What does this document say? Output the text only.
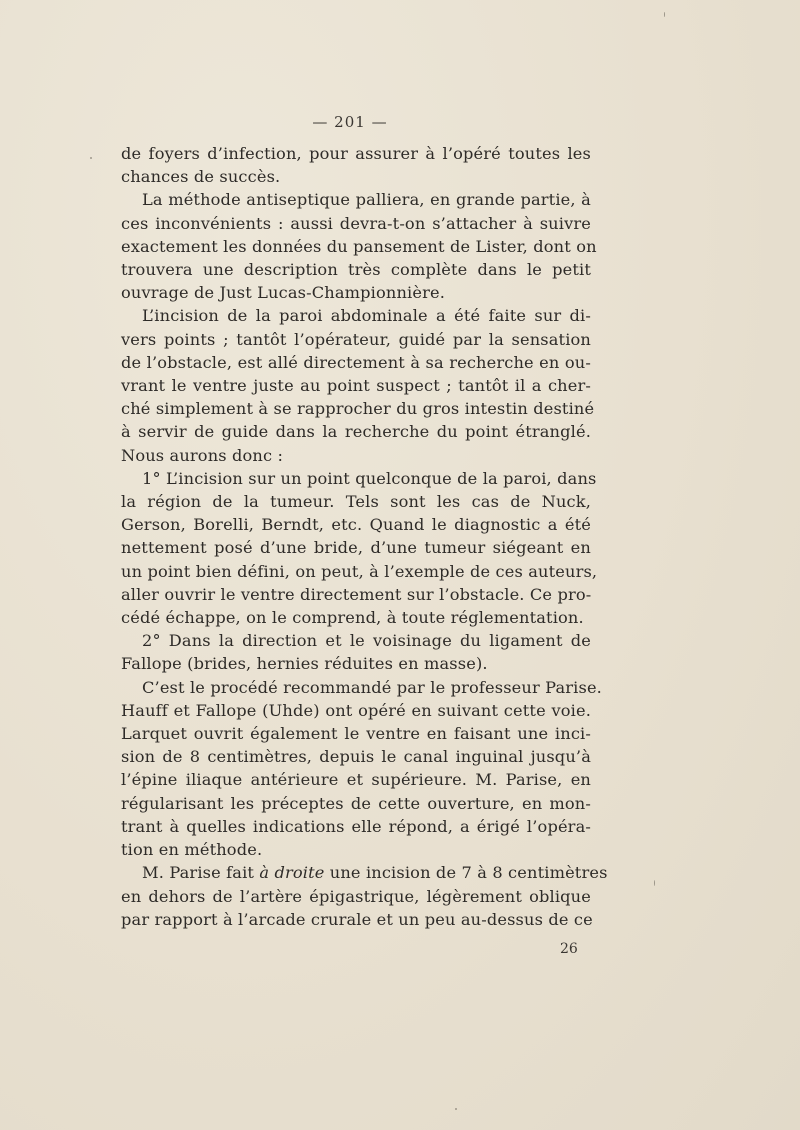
— 201 —
de foyers d’infection, pour assurer à l’opéré toutes les
chances de succès.
La méthode antiseptique palliera, en grande partie, à
ces inconvénients : aussi devra-t-on s’attacher à suivre
exactement les données du pansement de Lister, dont on
trouvera une description très complète dans le petit
ouvrage de Just Lucas-Championnière.
L’incision de la paroi abdominale a été faite sur di-
vers points ; tantôt l’opérateur, guidé par la sensation
de l’obstacle, est allé directement à sa recherche en ou-
vrant le ventre juste au point suspect ; tantôt il a cher-
ché simplement à se rapprocher du gros intestin destiné
à servir de guide dans la recherche du point étranglé.
Nous aurons donc :
1° L’incision sur un point quelconque de la paroi, dans
la région de la tumeur. Tels sont les cas de Nuck,
Gerson, Borelli, Berndt, etc. Quand le diagnostic a été
nettement posé d’une bride, d’une tumeur siégeant en
un point bien défini, on peut, à l’exemple de ces auteurs,
aller ouvrir le ventre directement sur l’obstacle. Ce pro-
cédé échappe, on le comprend, à toute réglementation.
2° Dans la direction et le voisinage du ligament de
Fallope (brides, hernies réduites en masse).
C’est le procédé recommandé par le professeur Parise.
Hauff et Fallope (Uhde) ont opéré en suivant cette voie.
Larquet ouvrit également le ventre en faisant une inci-
sion de 8 centimètres, depuis le canal inguinal jusqu’à
l’épine iliaque antérieure et supérieure. M. Parise, en
régularisant les préceptes de cette ouverture, en mon-
trant à quelles indications elle répond, a érigé l’opéra-
tion en méthode.
M. Parise fait à droite une incision de 7 à 8 centimètres
en dehors de l’artère épigastrique, légèrement oblique
par rapport à l’arcade crurale et un peu au-dessus de ce
26
